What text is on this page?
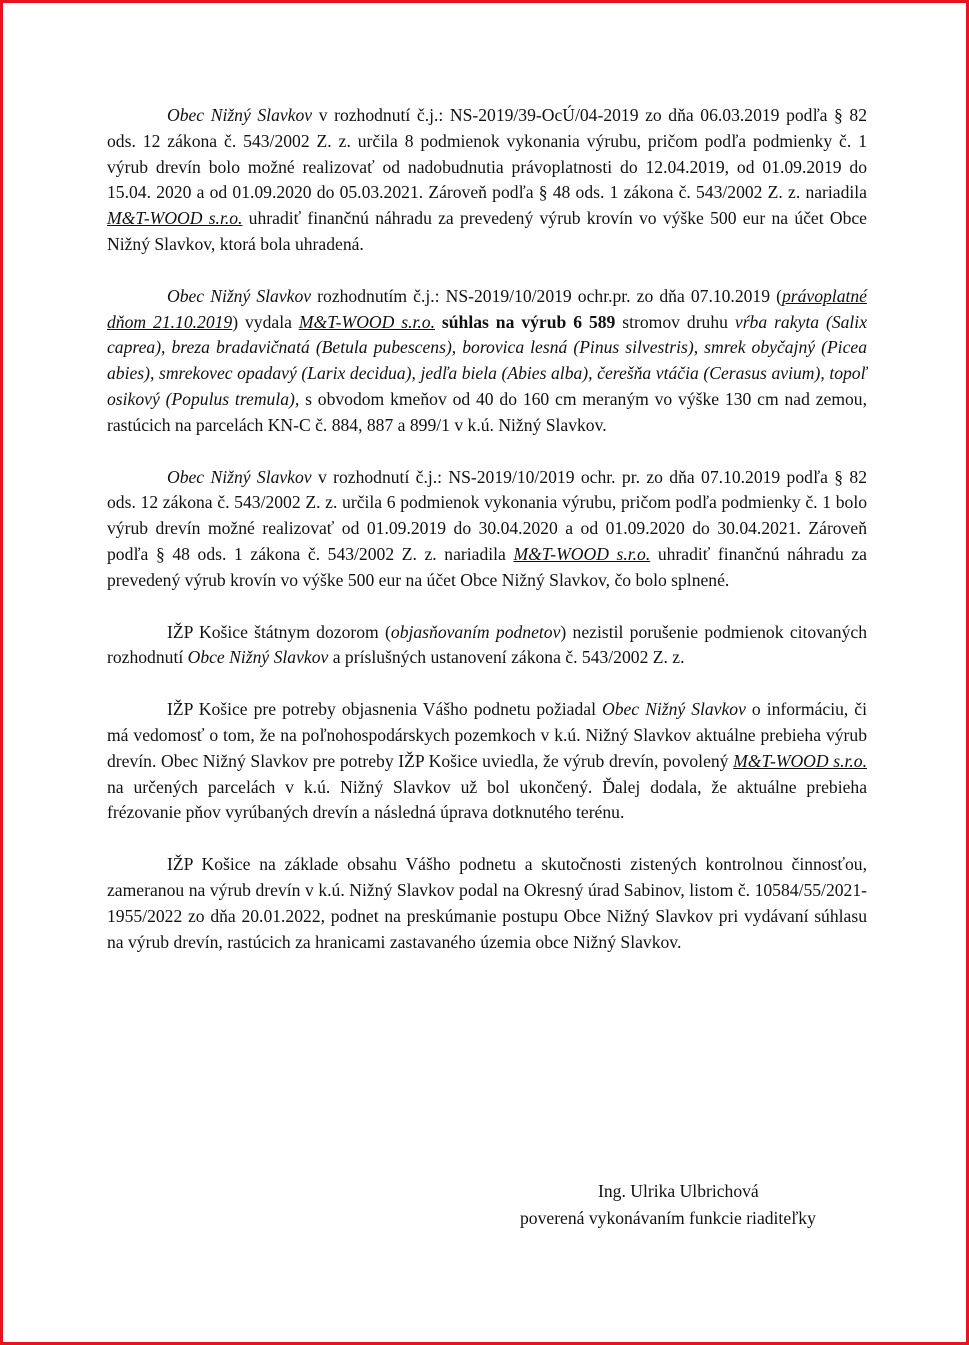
Obec Nižný Slavkov v rozhodnutí č.j.: NS-2019/39-OcÚ/04-2019 zo dňa 06.03.2019 podľa § 82 ods. 12 zákona č. 543/2002 Z. z. určila 8 podmienok vykonania výrubu, pričom podľa podmienky č. 1 výrub drevín bolo možné realizovať od nadobudnutia právoplatnosti do 12.04.2019, od 01.09.2019 do 15.04. 2020 a od 01.09.2020 do 05.03.2021. Zároveň podľa § 48 ods. 1 zákona č. 543/2002 Z. z. nariadila M&T-WOOD s.r.o. uhradiť finančnú náhradu za prevedený výrub krovín vo výške 500 eur na účet Obce Nižný Slavkov, ktorá bola uhradená.

Obec Nižný Slavkov rozhodnutím č.j.: NS-2019/10/2019 ochr.pr. zo dňa 07.10.2019 (právoplatné dňom 21.10.2019) vydala M&T-WOOD s.r.o. súhlas na výrub 6 589 stromov druhu vŕba rakyta (Salix caprea), breza bradavičnatá (Betula pubescens), borovica lesná (Pinus silvestris), smrek obyčajný (Picea abies), smrekovec opadavý (Larix decidua), jedľa biela (Abies alba), čerešňa vtáčia (Cerasus avium), topoľ osikový (Populus tremula), s obvodom kmeňov od 40 do 160 cm meraným vo výške 130 cm nad zemou, rastúcich na parcelách KN-C č. 884, 887 a 899/1 v k.ú. Nižný Slavkov.

Obec Nižný Slavkov v rozhodnutí č.j.: NS-2019/10/2019 ochr. pr. zo dňa 07.10.2019 podľa § 82 ods. 12 zákona č. 543/2002 Z. z. určila 6 podmienok vykonania výrubu, pričom podľa podmienky č. 1 bolo výrub drevín možné realizovať od 01.09.2019 do 30.04.2020 a od 01.09.2020 do 30.04.2021. Zároveň podľa § 48 ods. 1 zákona č. 543/2002 Z. z. nariadila M&T-WOOD s.r.o. uhradiť finančnú náhradu za prevedený výrub krovín vo výške 500 eur na účet Obce Nižný Slavkov, čo bolo splnené.

IŽP Košice štátnym dozorom (objasňovaním podnetov) nezistil porušenie podmienok citovaných rozhodnutí Obce Nižný Slavkov a príslušných ustanovení zákona č. 543/2002 Z. z.

IŽP Košice pre potreby objasnenia Vášho podnetu požiadal Obec Nižný Slavkov o informáciu, či má vedomosť o tom, že na poľnohospodárskych pozemkoch v k.ú. Nižný Slavkov aktuálne prebieha výrub drevín. Obec Nižný Slavkov pre potreby IŽP Košice uviedla, že výrub drevín, povolený M&T-WOOD s.r.o. na určených parcelách v k.ú. Nižný Slavkov už bol ukončený. Ďalej dodala, že aktuálne prebieha frézovanie pňov vyrúbaných drevín a následná úprava dotknutého terénu.

IŽP Košice na základe obsahu Vášho podnetu a skutočnosti zistených kontrolnou činnosťou, zameranou na výrub drevín v k.ú. Nižný Slavkov podal na Okresný úrad Sabinov, listom č. 10584/55/2021-1955/2022 zo dňa 20.01.2022, podnet na preskúmanie postupu Obce Nižný Slavkov pri vydávaní súhlasu na výrub drevín, rastúcich za hranicami zastavaného územia obce Nižný Slavkov.

Ing. Ulrika Ulbrichová
poverená vykonávaním funkcie riaditeľky
